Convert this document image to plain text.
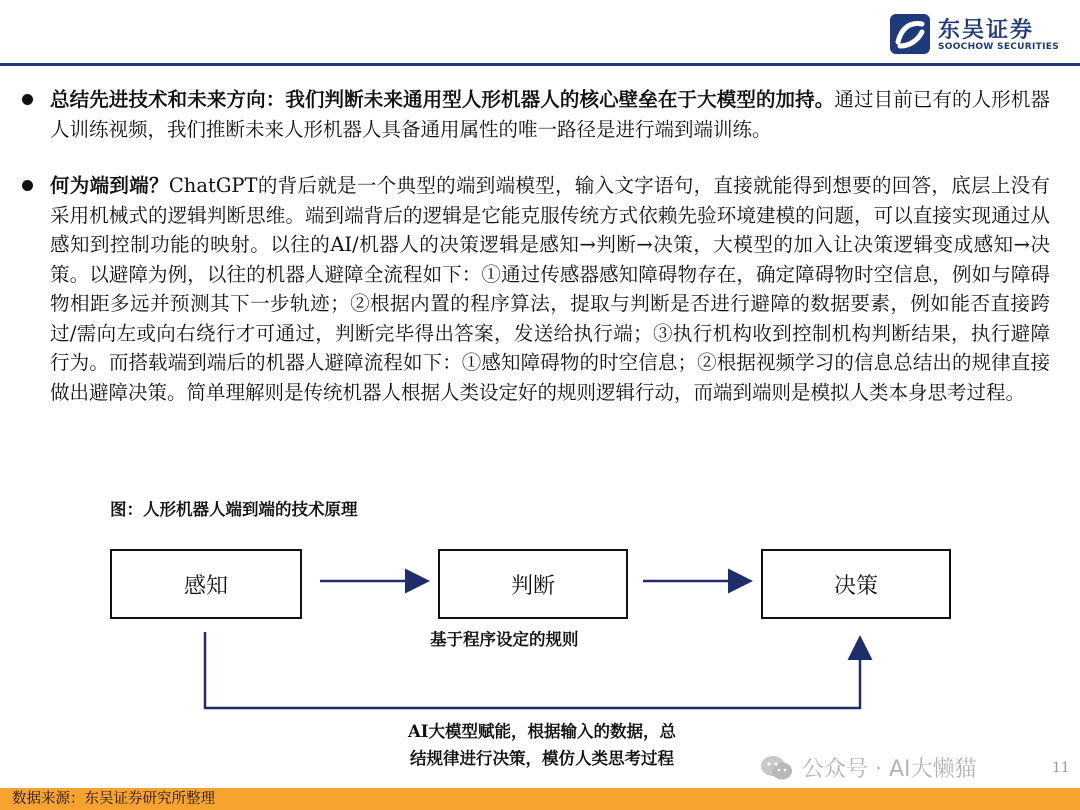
东吴证券
SOOCHOW SECURITIES
总结先进技术和未来方向：我们判断未来通用型人形机器人的核心壁垒在于大模型的加持。通过目前已有的人形机器人训练视频，我们推断未来人形机器人具备通用属性的唯一路径是进行端到端训练。
何为端到端？ChatGPT的背后就是一个典型的端到端模型，输入文字语句，直接就能得到想要的回答，底层上没有采用机械式的逻辑判断思维。端到端背后的逻辑是它能克服传统方式依赖先验环境建模的问题，可以直接实现通过从感知到控制功能的映射。以往的AI/机器人的决策逻辑是感知→判断→决策，大模型的加入让决策逻辑变成感知→决策。以避障为例，以往的机器人避障全流程如下：①通过传感器感知障碍物存在，确定障碍物时空信息，例如与障碍物相距多远并预测其下一步轨迹；②根据内置的程序算法，提取与判断是否进行避障的数据要素，例如能否直接跨过/需向左或向右绕行才可通过，判断完毕得出答案，发送给执行端；③执行机构收到控制机构判断结果，执行避障行为。而搭载端到端后的机器人避障流程如下：①感知障碍物的时空信息；②根据视频学习的信息总结出的规律直接做出避障决策。简单理解则是传统机器人根据人类设定好的规则逻辑行动，而端到端则是模拟人类本身思考过程。
图：人形机器人端到端的技术原理
感知	判断	决策
基于程序设定的规则
AI大模型赋能，根据输入的数据，总
结规律进行决策，模仿人类思考过程	公众号 · AI大懒猫	11
数据来源：东吴证券研究所整理
